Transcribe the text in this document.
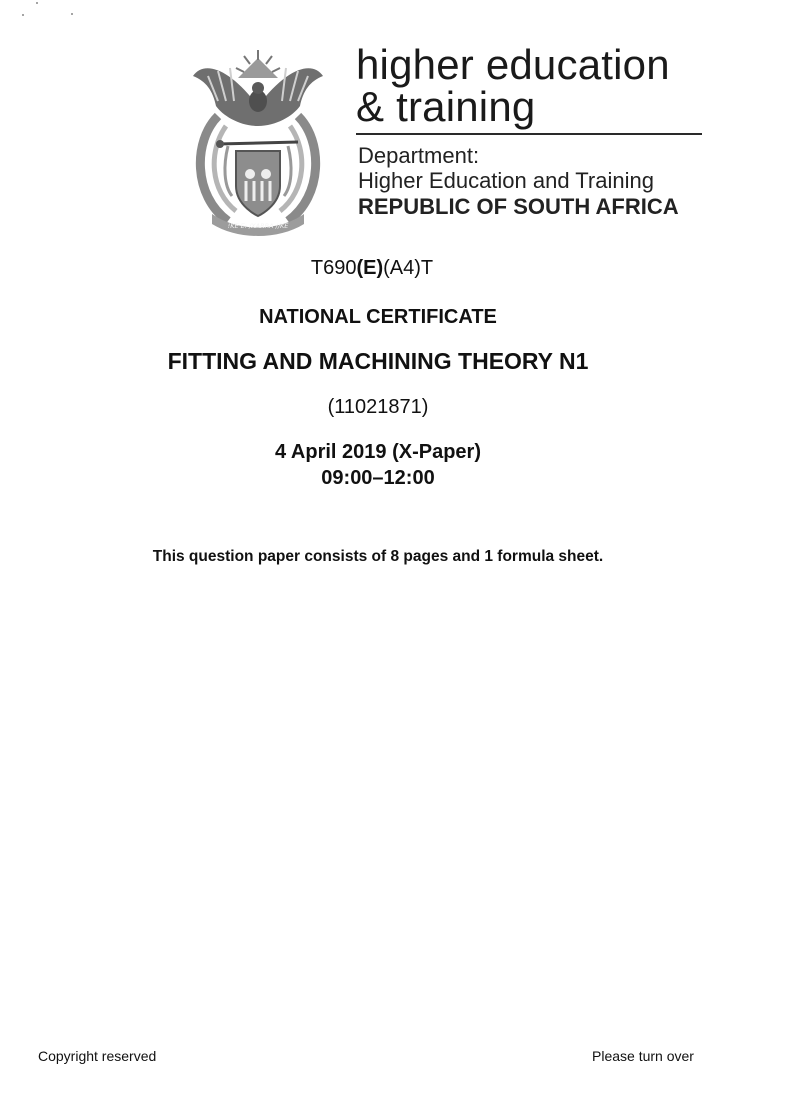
!KE E: /XARRA //KE
higher education
& training
Department:
Higher Education and Training
REPUBLIC OF SOUTH AFRICA
T690(E)(A4)T
NATIONAL CERTIFICATE
FITTING AND MACHINING THEORY N1
(11021871)
4 April 2019 (X-Paper)
09:00–12:00
This question paper consists of 8 pages and 1 formula sheet.
Copyright reserved	Please turn over
